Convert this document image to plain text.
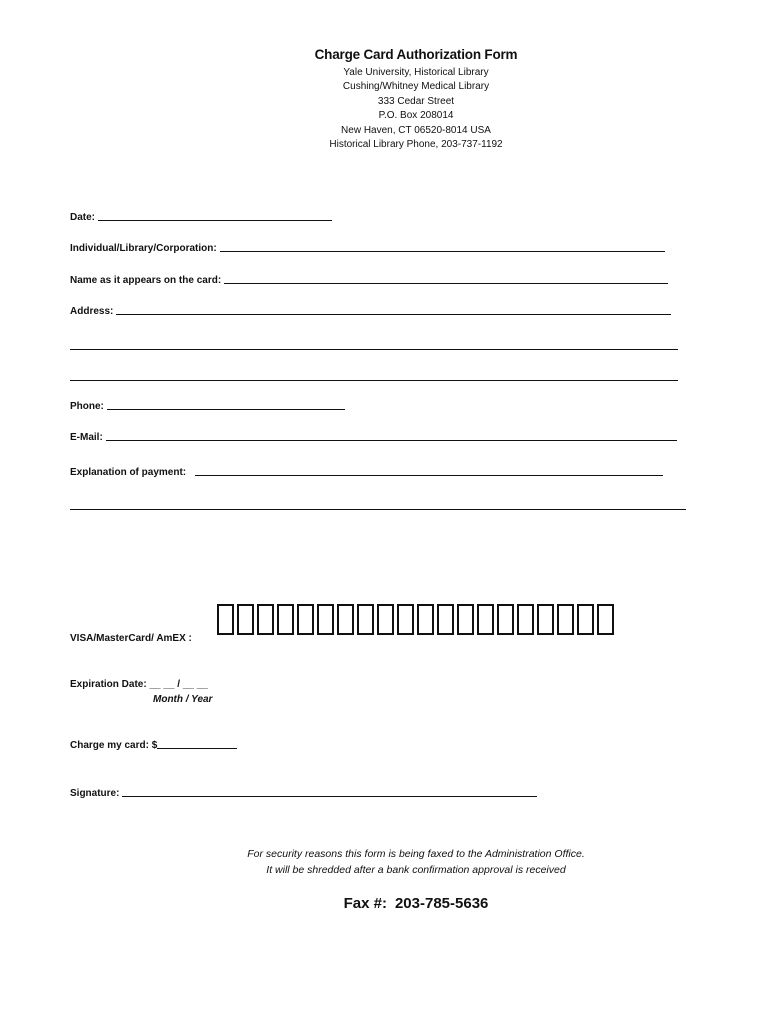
Charge Card Authorization Form
Yale University, Historical Library
Cushing/Whitney Medical Library
333 Cedar Street
P.O. Box 208014
New Haven, CT 06520-8014 USA
Historical Library Phone, 203-737-1192
Date:
Individual/Library/Corporation:
Name as it appears on the card:
Address:
Phone:
E-Mail:
Explanation of payment:
VISA/MasterCard/ AmEX :
Expiration Date: __ __ / __ __
Month / Year
Charge my card: $
Signature:
For security reasons this form is being faxed to the Administration Office.
It will be shredded after a bank confirmation approval is received
Fax #: 203-785-5636
